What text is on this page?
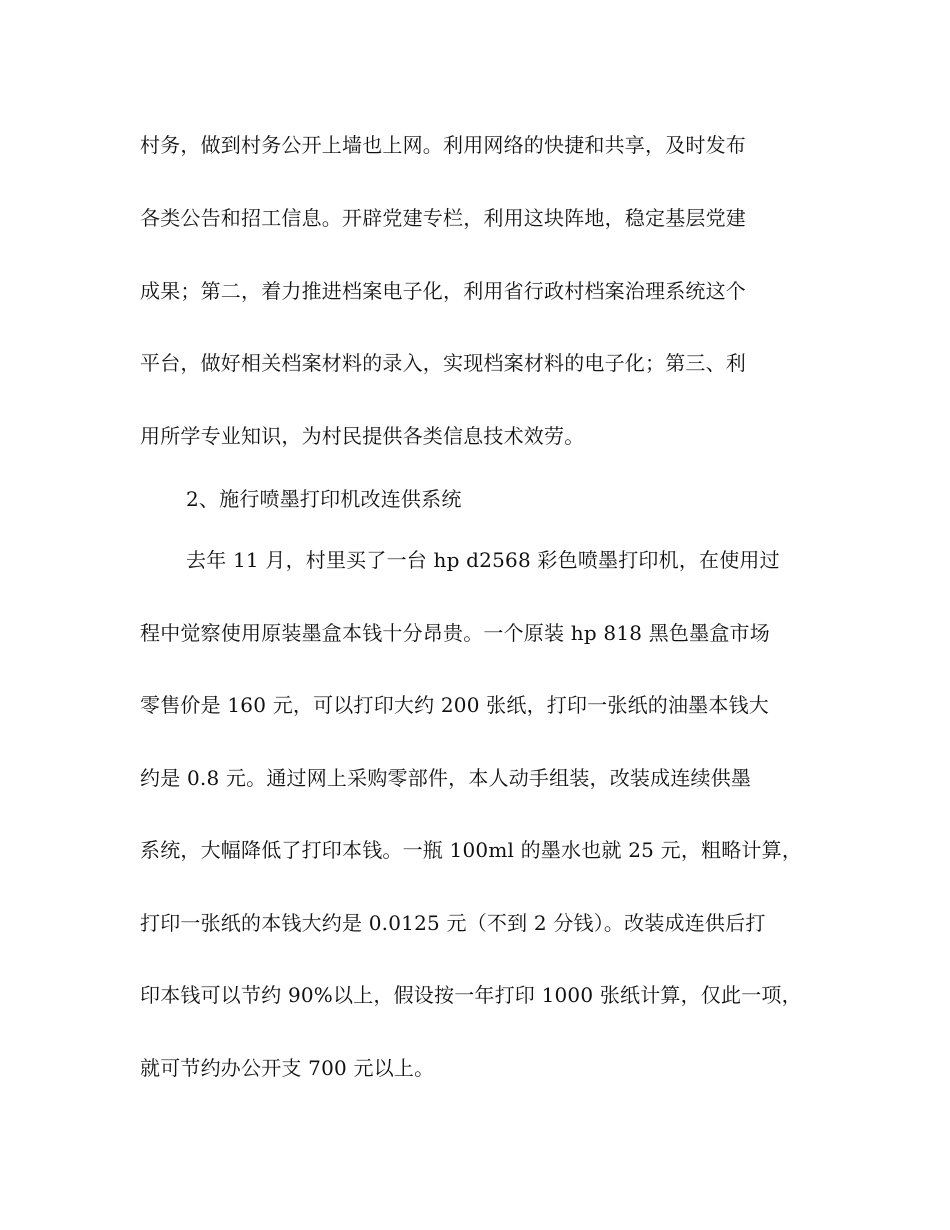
村务，做到村务公开上墙也上网。利用网络的快捷和共享，及时发布
各类公告和招工信息。开辟党建专栏，利用这块阵地，稳定基层党建
成果；第二，着力推进档案电子化，利用省行政村档案治理系统这个
平台，做好相关档案材料的录入，实现档案材料的电子化；第三、利
用所学专业知识，为村民提供各类信息技术效劳。
2、施行喷墨打印机改连供系统
去年 11 月，村里买了一台 hp d2568 彩色喷墨打印机，在使用过
程中觉察使用原装墨盒本钱十分昂贵。一个原装 hp 818 黑色墨盒市场
零售价是 160 元，可以打印大约 200 张纸，打印一张纸的油墨本钱大
约是 0.8 元。通过网上采购零部件，本人动手组装，改装成连续供墨
系统，大幅降低了打印本钱。一瓶 100ml 的墨水也就 25 元，粗略计算，
打印一张纸的本钱大约是 0.0125 元（不到 2 分钱）。改装成连供后打
印本钱可以节约 90%以上，假设按一年打印 1000 张纸计算，仅此一项，
就可节约办公开支 700 元以上。
